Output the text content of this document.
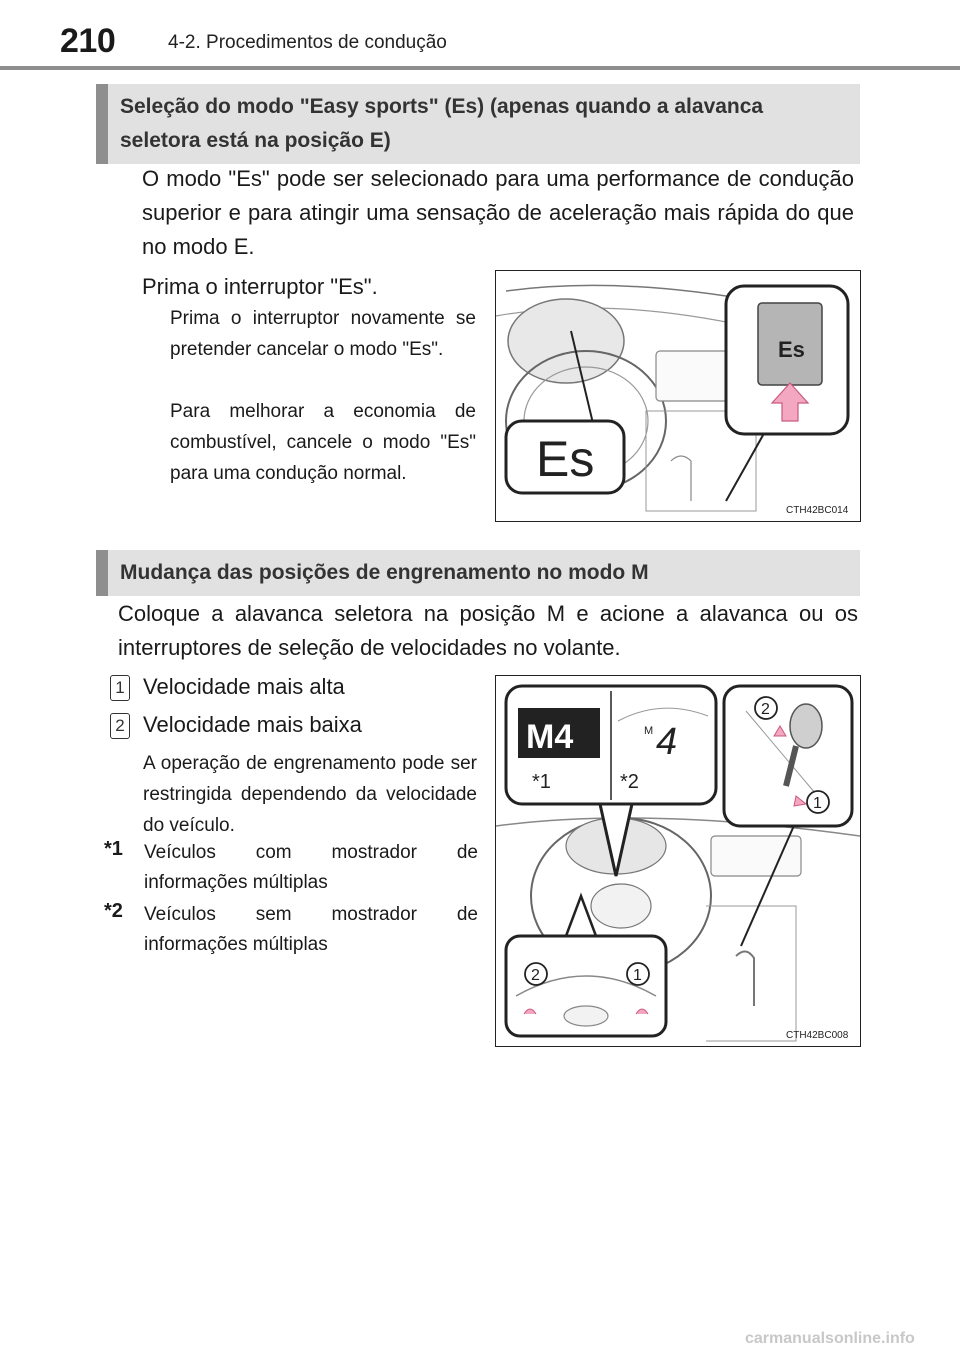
210	4-2. Procedimentos de condução
Seleção do modo "Easy sports" (Es) (apenas quando a alavanca seletora está na posição E)
O modo "Es" pode ser selecionado para uma performance de condução superior e para atingir uma sensação de aceleração mais rápida do que no modo E.
Prima o interruptor "Es".
Prima o interruptor novamente se pretender cancelar o modo "Es".
Para melhorar a economia de combustível, cancele o modo "Es" para uma condução normal.	Es
Es
CTH42BC014
Mudança das posições de engrenamento no modo M
Coloque a alavanca seletora na posição M e acione a alavanca ou os interruptores de seleção de velocidades no volante.
1 Velocidade mais alta
2 Velocidade mais baixa
A operação de engrenamento pode ser restringida dependendo da velocidade do veículo.
*1 Veículos com mostrador de informações múltiplas
*2 Veículos sem mostrador de informações múltiplas
M4	M 4
*1	*2
2
1
2	1
CTH42BC008
carmanualsonline.info
